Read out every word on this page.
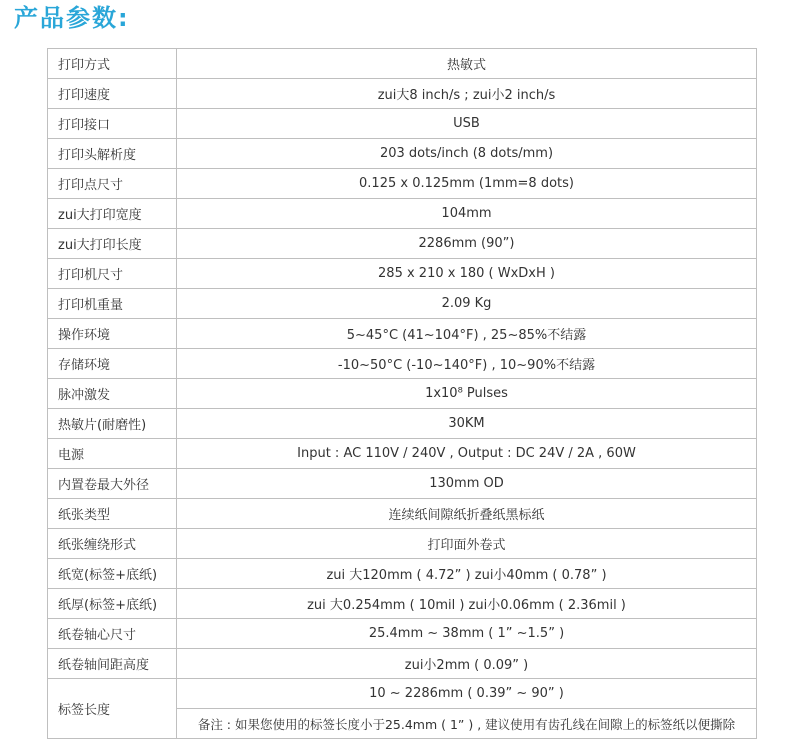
产品参数:
打印方式	热敏式
打印速度	zui大8 inch/s ; zui小2 inch/s
打印接口	USB
打印头解析度	203 dots/inch (8 dots/mm)
打印点尺寸	0.125 x 0.125mm (1mm=8 dots)
zui大打印宽度	104mm
zui大打印长度	2286mm (90”)
打印机尺寸	285 x 210 x 180 ( WxDxH )
打印机重量	2.09 Kg
操作环境	5~45°C (41~104°F) , 25~85%不结露
存储环境	-10~50°C (-10~140°F) , 10~90%不结露
脉冲激发	1x10⁸ Pulses
热敏片(耐磨性)	30KM
电源	Input : AC 110V / 240V , Output : DC 24V / 2A , 60W
内置卷最大外径	130mm OD
纸张类型	连续纸间隙纸折叠纸黑标纸
纸张缠绕形式	打印面外卷式
纸宽(标签+底纸)	zui 大120mm ( 4.72” ) zui小40mm ( 0.78” )
纸厚(标签+底纸)	zui 大0.254mm ( 10mil ) zui小0.06mm ( 2.36mil )
纸卷轴心尺寸	25.4mm ~ 38mm ( 1” ~1.5” )
纸卷轴间距高度	zui小2mm ( 0.09” )
标签长度	10 ~ 2286mm ( 0.39” ~ 90” )
	备注 : 如果您使用的标签长度小于25.4mm ( 1” ) , 建议使用有齿孔线在间隙上的标签纸以便撕除
